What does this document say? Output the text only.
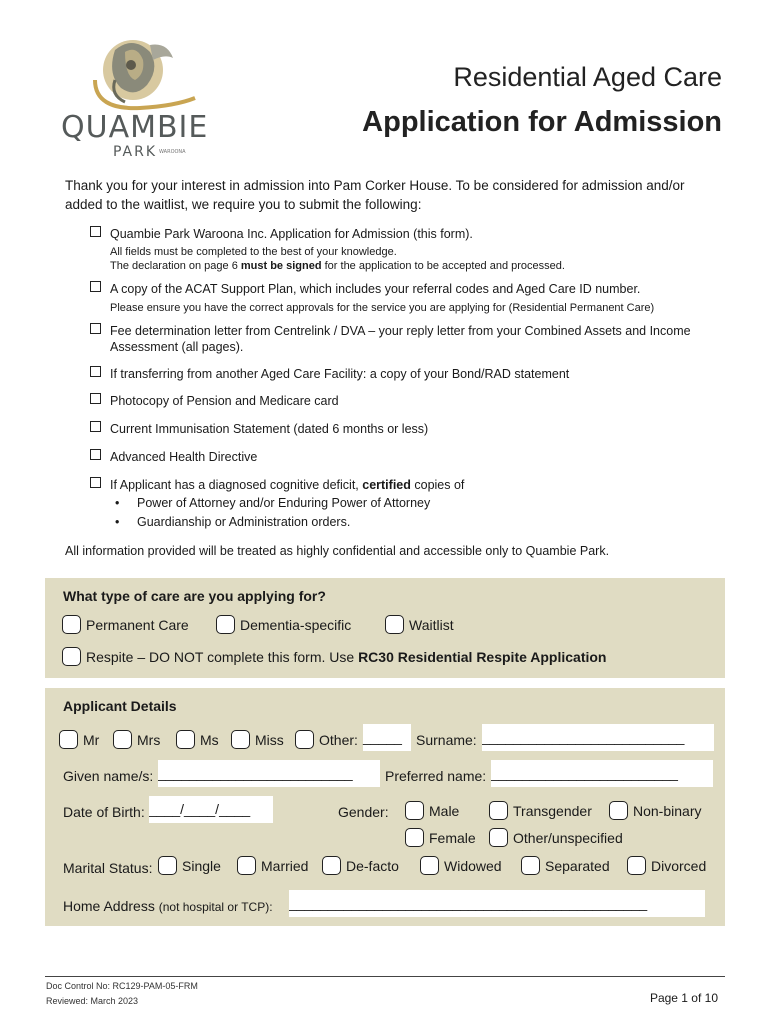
QUAMBIE
PARK WAROONA
Residential Aged Care
Application for Admission
Thank you for your interest in admission into Pam Corker House. To be considered for admission and/or added to the waitlist, we require you to submit the following:
Quambie Park Waroona Inc. Application for Admission (this form).
All fields must be completed to the best of your knowledge.
The declaration on page 6 must be signed for the application to be accepted and processed.
A copy of the ACAT Support Plan, which includes your referral codes and Aged Care ID number.
Please ensure you have the correct approvals for the service you are applying for (Residential Permanent Care)
Fee determination letter from Centrelink / DVA – your reply letter from your Combined Assets and Income Assessment (all pages).
If transferring from another Aged Care Facility: a copy of your Bond/RAD statement
Photocopy of Pension and Medicare card
Current Immunisation Statement (dated 6 months or less)
Advanced Health Directive
If Applicant has a diagnosed cognitive deficit, certified copies of
• Power of Attorney and/or Enduring Power of Attorney
• Guardianship or Administration orders.
All information provided will be treated as highly confidential and accessible only to Quambie Park.
What type of care are you applying for?
Permanent Care	Dementia-specific	Waitlist
Respite – DO NOT complete this form. Use RC30 Residential Respite Application
Applicant Details
Mr	Mrs	Ms	Miss	Other: _____	Surname: __________________________
Given name/s: _________________________	Preferred name: ________________________
Date of Birth: ____/____/____	Gender:	Male	Transgender	Non-binary
Female	Other/unspecified
Marital Status:	Single	Married	De-facto	Widowed	Separated	Divorced
Home Address (not hospital or TCP): ______________________________________________
Doc Control No: RC129-PAM-05-FRM
Reviewed: March 2023	Page 1 of 10
